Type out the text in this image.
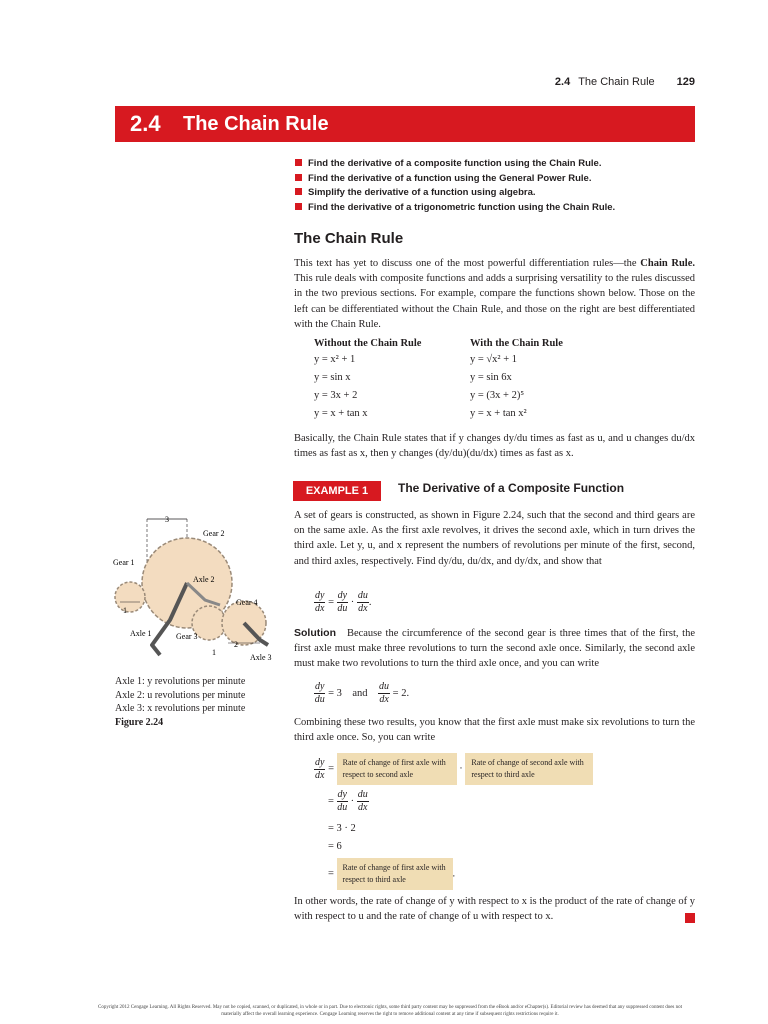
2.4 The Chain Rule 129
2.4 The Chain Rule
Find the derivative of a composite function using the Chain Rule.
Find the derivative of a function using the General Power Rule.
Simplify the derivative of a function using algebra.
Find the derivative of a trigonometric function using the Chain Rule.
The Chain Rule
This text has yet to discuss one of the most powerful differentiation rules—the Chain Rule. This rule deals with composite functions and adds a surprising versatility to the rules discussed in the two previous sections. For example, compare the functions shown below. Those on the left can be differentiated without the Chain Rule, and those on the right are best differentiated with the Chain Rule.
Without the Chain Rule	With the Chain Rule
y = x² + 1	y = √x² + 1
y = sin x	y = sin 6x
y = 3x + 2	y = (3x + 2)⁵
y = x + tan x	y = x + tan x²
Basically, the Chain Rule states that if y changes dy/du times as fast as u, and u changes du/dx times as fast as x, then y changes (dy/du)(du/dx) times as fast as x.
EXAMPLE 1	The Derivative of a Composite Function
A set of gears is constructed, as shown in Figure 2.24, such that the second and third gears are on the same axle. As the first axle revolves, it drives the second axle, which in turn drives the third axle. Let y, u, and x represent the numbers of revolutions per minute of the first, second, and third axles, respectively. Find dy/du, du/dx, and dy/dx, and show that
$\frac{dy}{dx} = \frac{dy}{du} \cdot \frac{du}{dx}$ .
Solution Because the circumference of the second gear is three times that of the first, the first axle must make three revolutions to turn the second axle once. Similarly, the second axle must make two revolutions to turn the third axle once, and you can write
$\frac{dy}{du} = 3$ and $\frac{du}{dx} = 2$.
Combining these two results, you know that the first axle must make six revolutions to turn the third axle once. So, you can write
$\frac{dy}{dx}$ = Rate of change of first axle with respect to second axle · Rate of change of second axle with respect to third axle
= $\frac{dy}{du} \cdot \frac{du}{dx}$
= 3 · 2
= 6
= Rate of change of first axle with respect to third axle.
In other words, the rate of change of y with respect to x is the product of the rate of change of y with respect to u and the rate of change of u with respect to x.
3
Gear 2
Gear 1
Axle 2
Gear 4
Axle 1	Gear 3
Axle 3
1
2
1
Axle 1: y revolutions per minute
Axle 2: u revolutions per minute
Axle 3: x revolutions per minute
Figure 2.24
Copyright 2012 Cengage Learning. All Rights Reserved. May not be copied, scanned, or duplicated, in whole or in part. Due to electronic rights, some third party content may be suppressed from the eBook and/or eChapter(s). Editorial review has deemed that any suppressed content does not materially affect the overall learning experience. Cengage Learning reserves the right to remove additional content at any time if subsequent rights restrictions require it.
